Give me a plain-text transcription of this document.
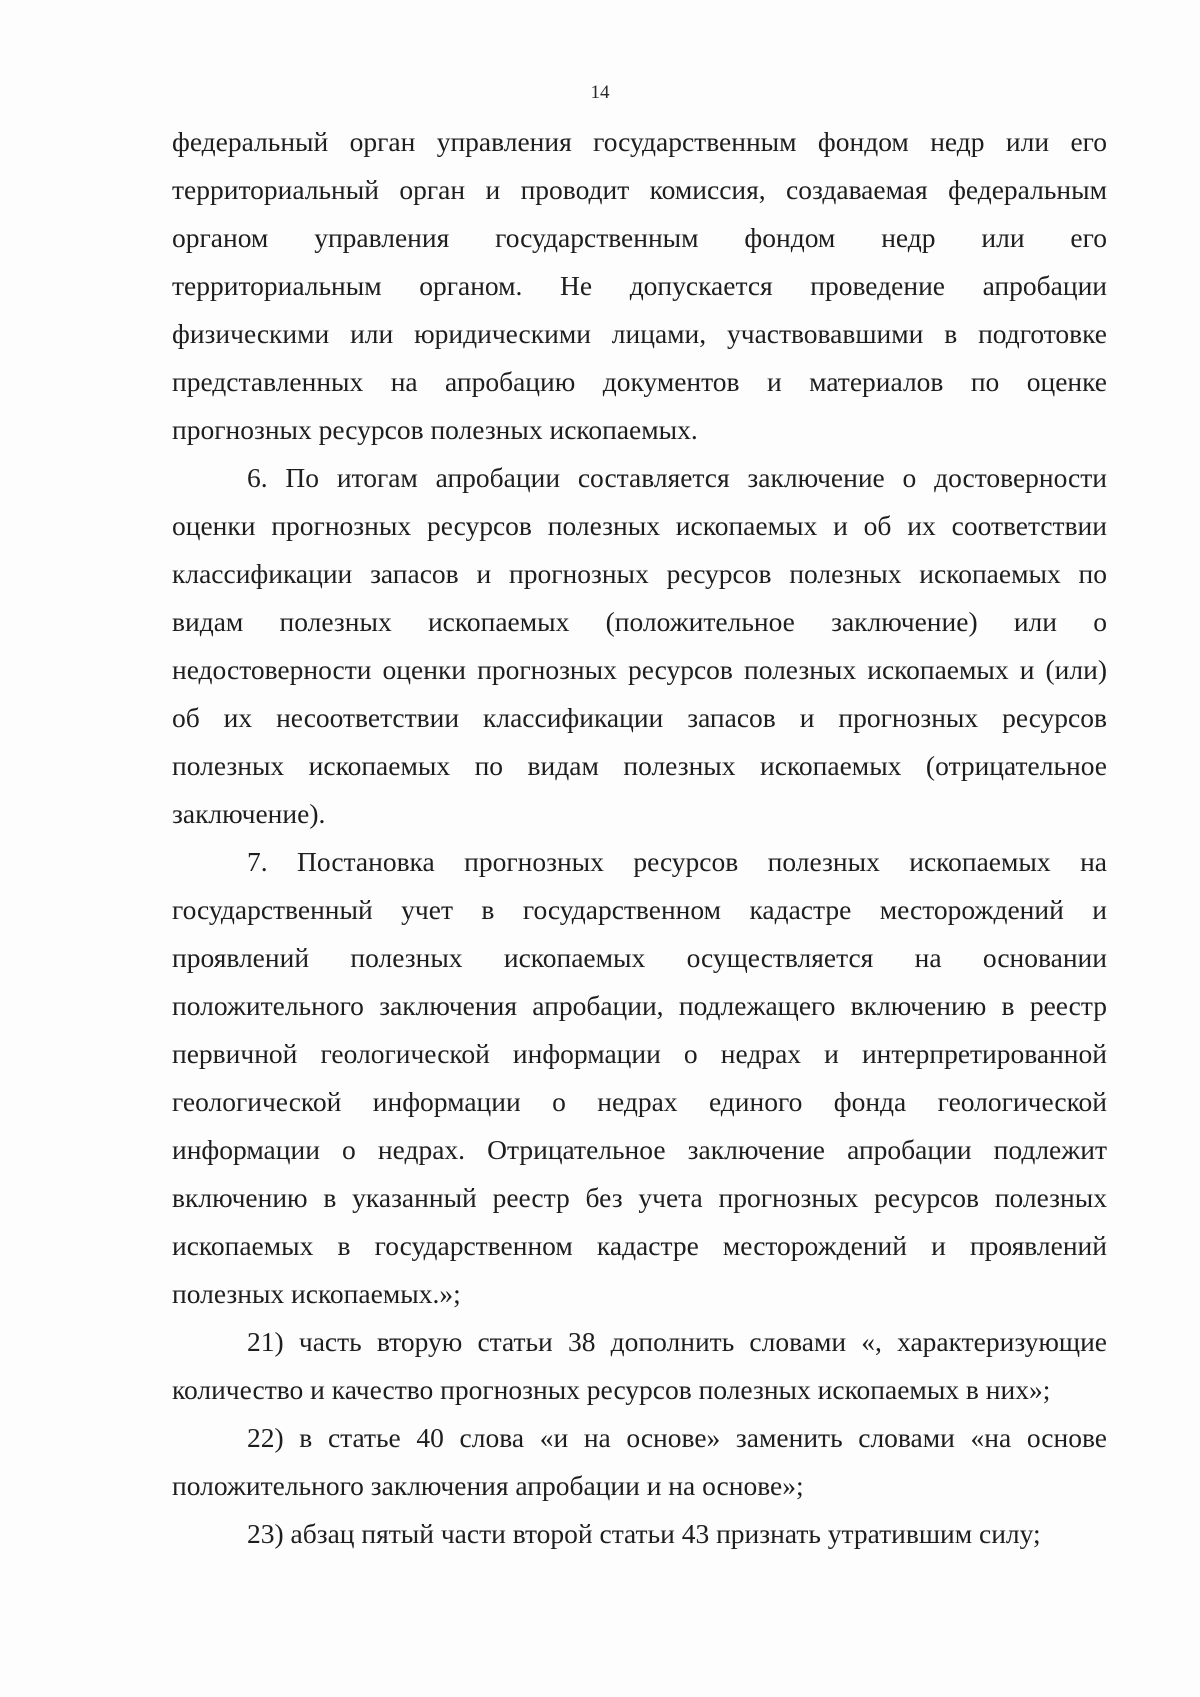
14
федеральный орган управления государственным фондом недр или его
территориальный орган и проводит комиссия, создаваемая федеральным
органом управления государственным фондом недр или его
территориальным органом. Не допускается проведение апробации
физическими или юридическими лицами, участвовавшими в подготовке
представленных на апробацию документов и материалов по оценке
прогнозных ресурсов полезных ископаемых.
6. По итогам апробации составляется заключение о достоверности
оценки прогнозных ресурсов полезных ископаемых и об их соответствии
классификации запасов и прогнозных ресурсов полезных ископаемых по
видам полезных ископаемых (положительное заключение) или о
недостоверности оценки прогнозных ресурсов полезных ископаемых и (или)
об их несоответствии классификации запасов и прогнозных ресурсов
полезных ископаемых по видам полезных ископаемых (отрицательное
заключение).
7. Постановка прогнозных ресурсов полезных ископаемых на
государственный учет в государственном кадастре месторождений и
проявлений полезных ископаемых осуществляется на основании
положительного заключения апробации, подлежащего включению в реестр
первичной геологической информации о недрах и интерпретированной
геологической информации о недрах единого фонда геологической
информации о недрах. Отрицательное заключение апробации подлежит
включению в указанный реестр без учета прогнозных ресурсов полезных
ископаемых в государственном кадастре месторождений и проявлений
полезных ископаемых.»;
21) часть вторую статьи 38 дополнить словами «, характеризующие
количество и качество прогнозных ресурсов полезных ископаемых в них»;
22) в статье 40 слова «и на основе» заменить словами «на основе
положительного заключения апробации и на основе»;
23) абзац пятый части второй статьи 43 признать утратившим силу;
